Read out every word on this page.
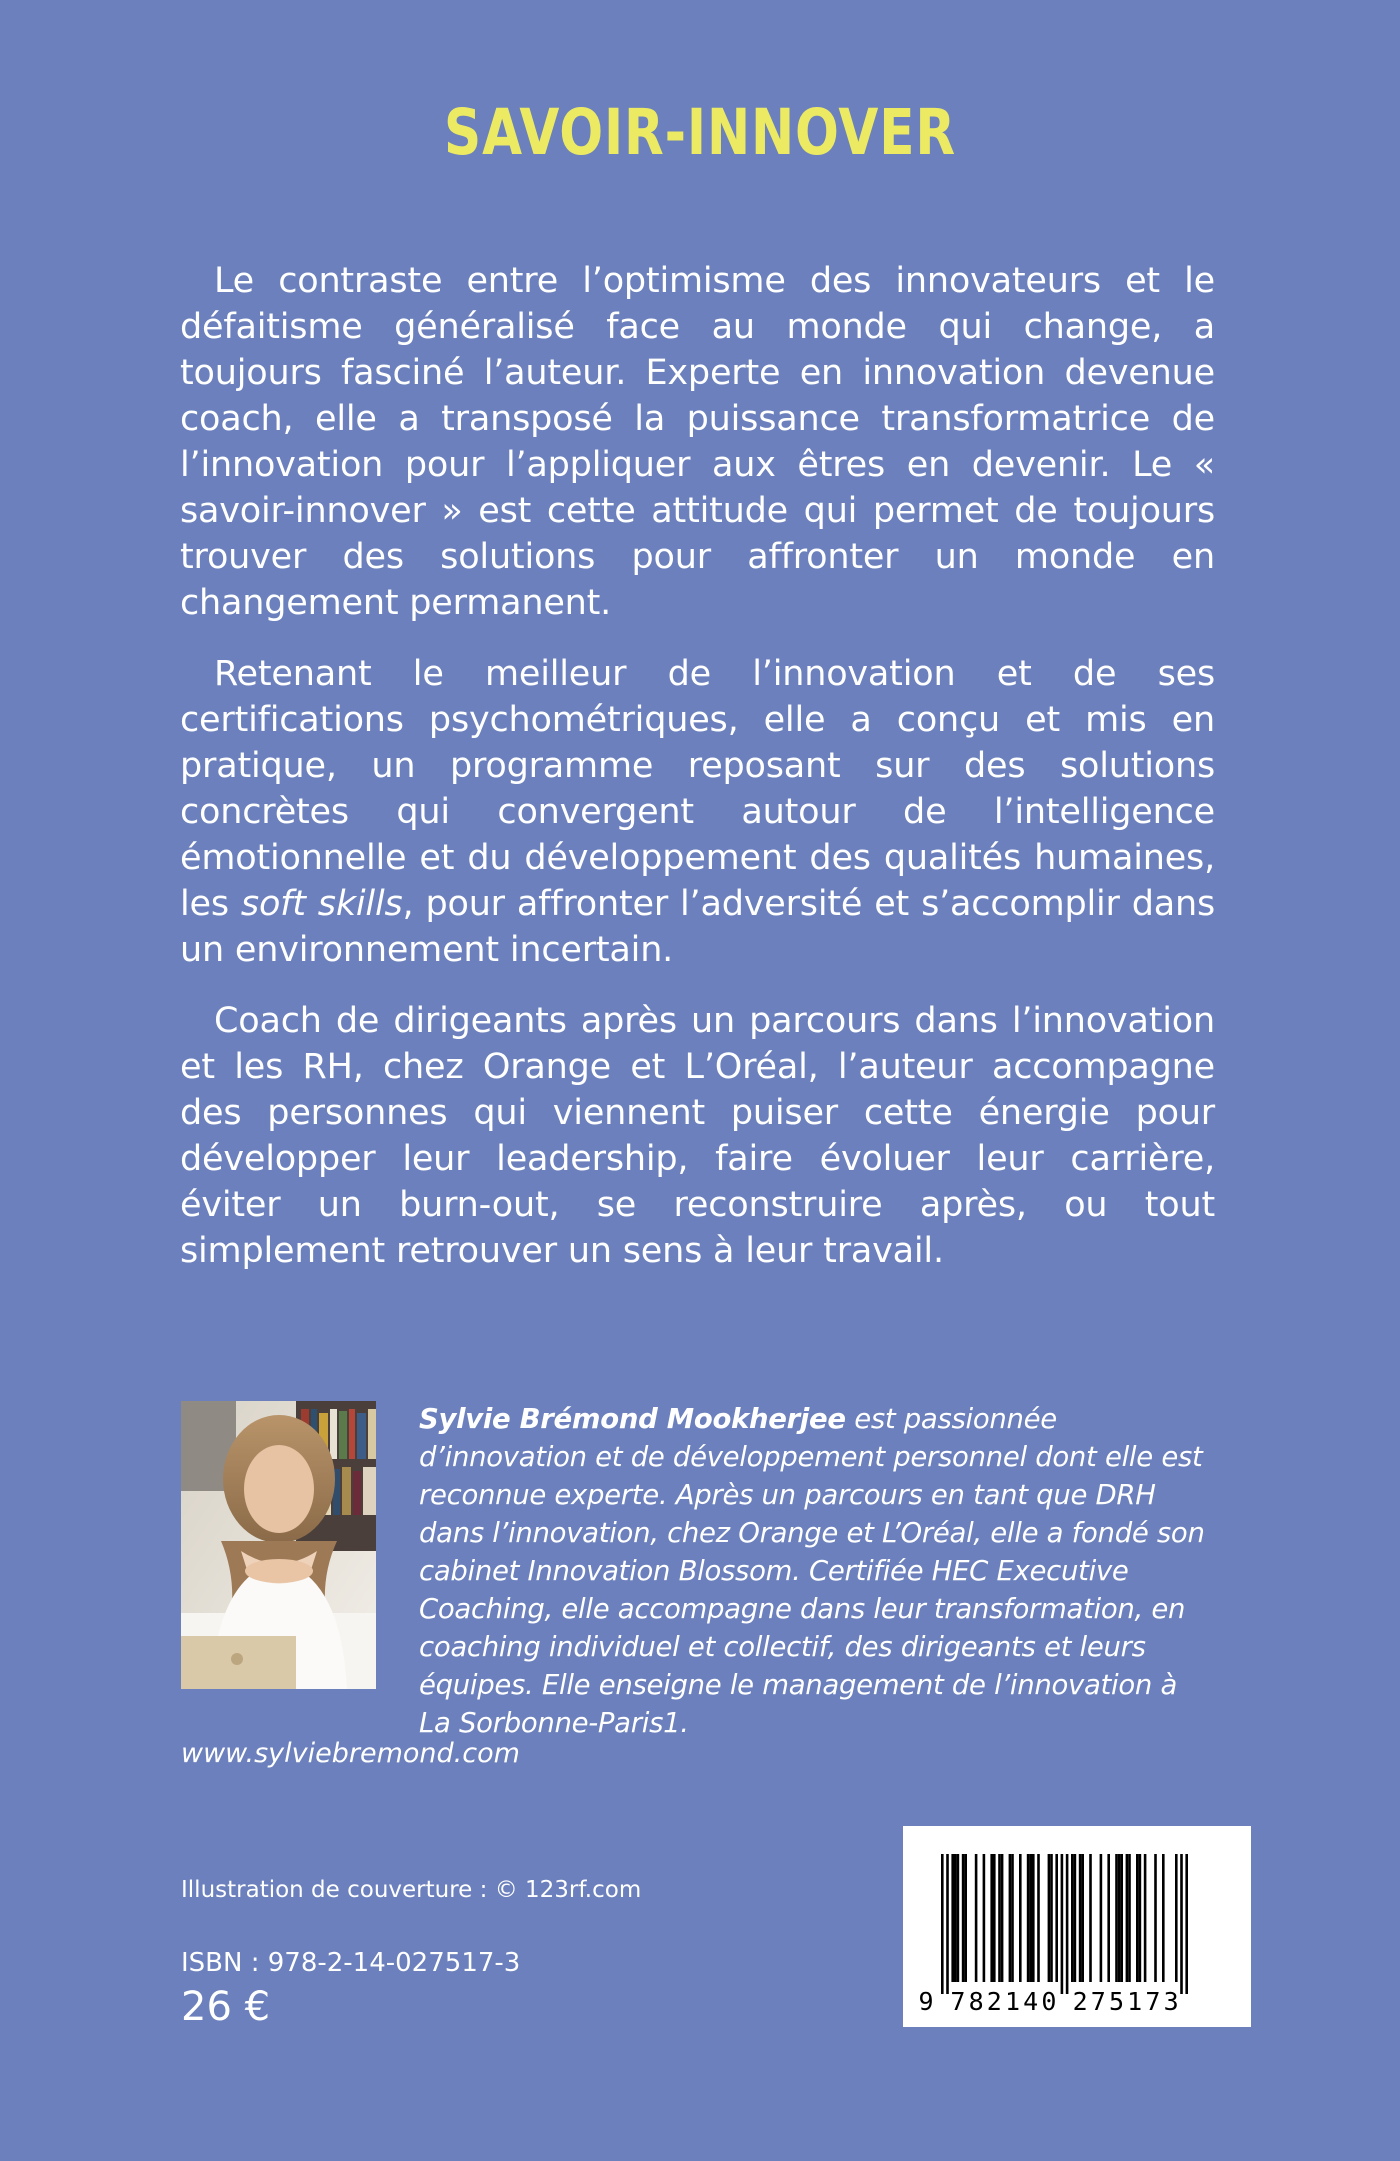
SAVOIR-INNOVER

Le contraste entre l’optimisme des innovateurs et le défaitisme généralisé face au monde qui change, a toujours fasciné l’auteur. Experte en innovation devenue coach, elle a transposé la puissance transformatrice de l’innovation pour l’appliquer aux êtres en devenir. Le « savoir-innover » est cette attitude qui permet de toujours trouver des solutions pour affronter un monde en changement permanent.

Retenant le meilleur de l’innovation et de ses certifications psychométriques, elle a conçu et mis en pratique, un programme reposant sur des solutions concrètes qui convergent autour de l’intelligence émotionnelle et du développement des qualités humaines, les soft skills, pour affronter l’adversité et s’accomplir dans un environnement incertain.

Coach de dirigeants après un parcours dans l’innovation et les RH, chez Orange et L’Oréal, l’auteur accompagne des personnes qui viennent puiser cette énergie pour développer leur leadership, faire évoluer leur carrière, éviter un burn-out, se reconstruire après, ou tout simplement retrouver un sens à leur travail.

Sylvie Brémond Mookherjee est passionnée d’innovation et de développement personnel dont elle est reconnue experte. Après un parcours en tant que DRH dans l’innovation, chez Orange et L’Oréal, elle a fondé son cabinet Innovation Blossom. Certifiée HEC Executive Coaching, elle accompagne dans leur transformation, en coaching individuel et collectif, des dirigeants et leurs équipes. Elle enseigne le management de l’innovation à La Sorbonne-Paris1.
www.sylviebremond.com
Illustration de couverture : © 123rf.com
ISBN : 978-2-14-027517-3
26 €	9 7 8 2 1 4 0 2 7 5 1 7 3
